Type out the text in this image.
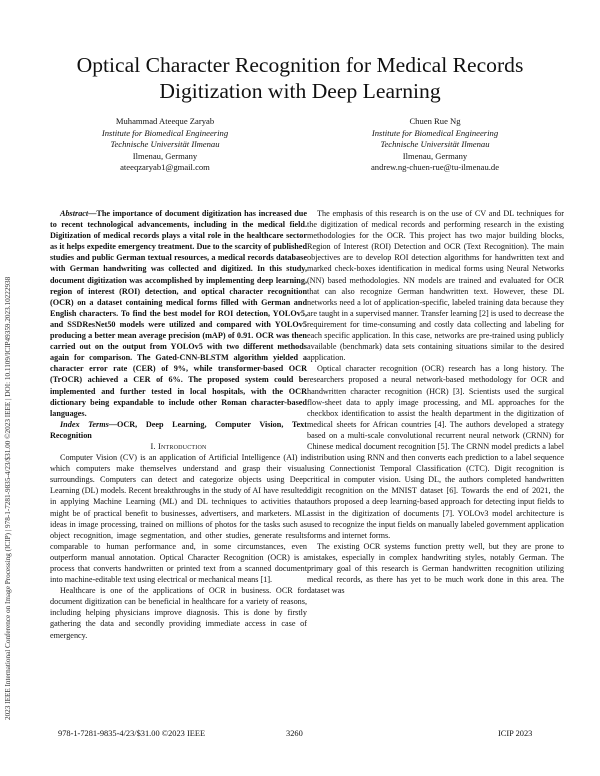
2023 IEEE International Conference on Image Processing (ICIP) | 978-1-7281-9835-4/23/$31.00 ©2023 IEEE | DOI: 10.1109/ICIP49359.2023.10222938
Optical Character Recognition for Medical Records Digitization with Deep Learning
Muhammad Ateeque Zaryab
Institute for Biomedical Engineering
Technische Universität Ilmenau
Ilmenau, Germany
ateeqzaryab1@gmail.com
Chuen Rue Ng
Institute for Biomedical Engineering
Technische Universität Ilmenau
Ilmenau, Germany
andrew.ng-chuen-rue@tu-ilmenau.de

Abstract—The importance of document digitization has increased due to recent technological advancements, including in the medical field. Digitization of medical records plays a vital role in the healthcare sector as it helps expedite emergency treatment. Due to the scarcity of published studies and public German textual resources, a medical records database with German handwriting was collected and digitized. In this study, document digitization was accomplished by implementing deep learning, region of interest (ROI) detection, and optical character recognition (OCR) on a dataset containing medical forms filled with German and English characters. To find the best model for ROI detection, YOLOv5, and SSDResNet50 models were utilized and compared with YOLOv5 producing a better mean average precision (mAP) of 0.91. OCR was then carried out on the output from YOLOv5 with two different methods again for comparison. The Gated-CNN-BLSTM algorithm yielded a character error rate (CER) of 9%, while transformer-based OCR (TrOCR) achieved a CER of 6%. The proposed system could be implemented and further tested in local hospitals, with the OCR dictionary being expandable to include other Roman character-based languages.

Index Terms—OCR, Deep Learning, Computer Vision, Text Recognition

I. Introduction

Computer Vision (CV) is an application of Artificial Intelligence (AI) in which computers make themselves understand and grasp their visual surroundings. Computers can detect and categorize objects using Deep Learning (DL) models. Recent breakthroughs in the study of AI have resulted in applying Machine Learning (ML) and DL techniques to activities that might be of practical benefit to businesses, advertisers, and marketers. ML ideas in image processing, trained on millions of photos for the tasks such as object recognition, image segmentation, and other studies, generate results comparable to human performance and, in some circumstances, even outperform manual annotation. Optical Character Recognition (OCR) is a process that converts handwritten or printed text from a scanned document into machine-editable text using electrical or mechanical means [1].

Healthcare is one of the applications of OCR in business. OCR for document digitization can be beneficial in healthcare for a variety of reasons, including helping physicians improve diagnosis. This is done by firstly gathering the data and secondly providing immediate access in case of emergency.

The emphasis of this research is on the use of CV and DL techniques for the digitization of medical records and performing research in the existing methodologies for the OCR. This project has two major building blocks, Region of Interest (ROI) Detection and OCR (Text Recognition). The main objectives are to develop ROI detection algorithms for handwritten text and marked check-boxes identification in medical forms using Neural Networks (NN) based methodologies. NN models are trained and evaluated for OCR that can also recognize German handwritten text. However, these DL networks need a lot of application-specific, labeled training data because they are taught in a supervised manner. Transfer learning [2] is used to decrease the requirement for time-consuming and costly data collecting and labeling for each specific application. In this case, networks are pre-trained using publicly available (benchmark) data sets containing situations similar to the desired application.

Optical character recognition (OCR) research has a long history. The researchers proposed a neural network-based methodology for OCR and handwritten character recognition (HCR) [3]. Scientists used the surgical flow-sheet data to apply image processing, and ML approaches for the checkbox identification to assist the health department in the digitization of medical sheets for African countries [4]. The authors developed a strategy based on a multi-scale convolutional recurrent neural network (CRNN) for Chinese medical document recognition [5]. The CRNN model predicts a label distribution using RNN and then converts each prediction to a label sequence using Connectionist Temporal Classification (CTC). Digit recognition is critical in computer vision. Using DL, the authors completed handwritten digit recognition on the MNIST dataset [6]. Towards the end of 2021, the authors proposed a deep learning-based approach for detecting input fields to assist in the digitization of documents [7]. YOLOv3 model architecture is used to recognize the input fields on manually labeled government application forms and internet forms.

The existing OCR systems function pretty well, but they are prone to mistakes, especially in complex handwriting styles, notably German. The primary goal of this research is German handwritten recognition utilizing medical records, as there has yet to be much work done in this area. The dataset was

978-1-7281-9835-4/23/$31.00 ©2023 IEEE	3260	ICIP 2023
